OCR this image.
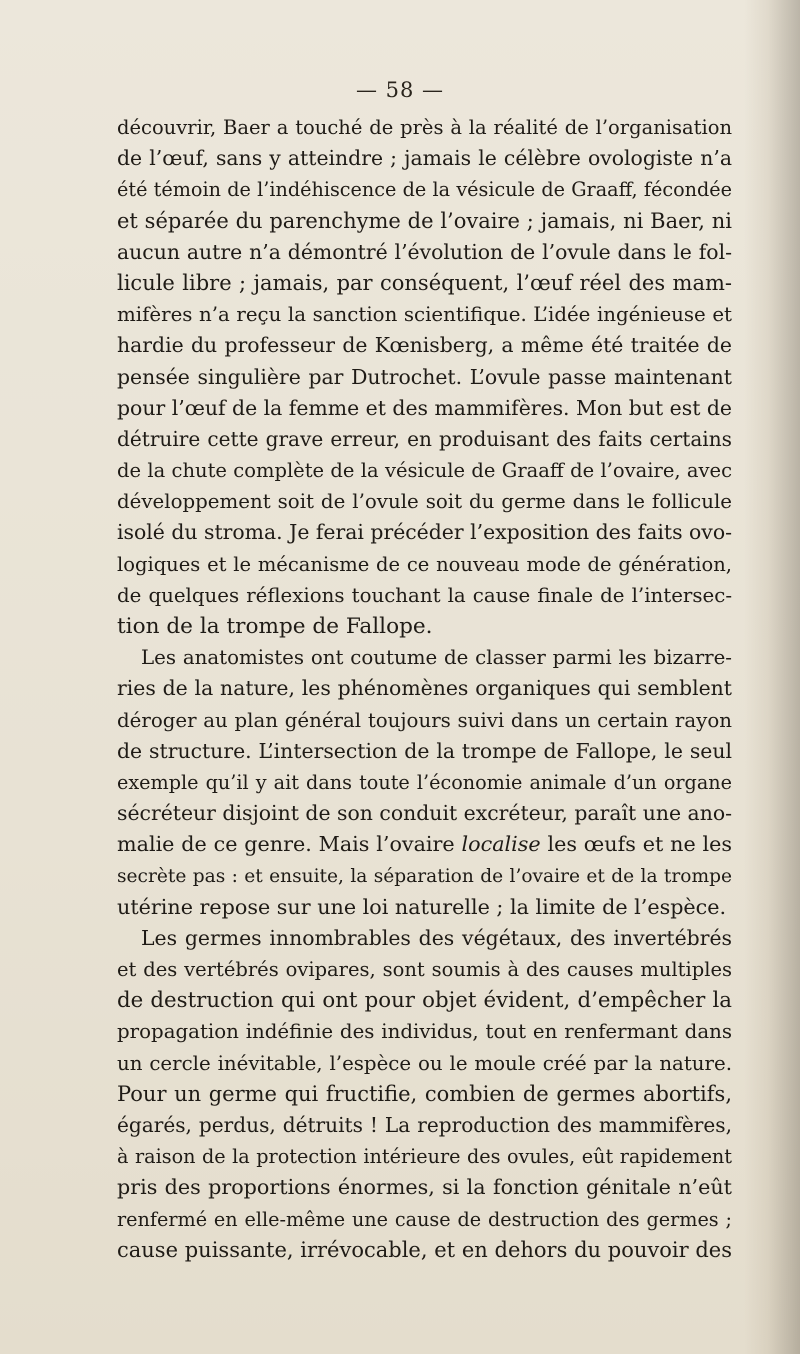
— 58 —
découvrir, Baer a touché de près à la réalité de l’organisation
de l’œuf, sans y atteindre ; jamais le célèbre ovologiste n’a
été témoin de l’indéhiscence de la vésicule de Graaff, fécondée
et séparée du parenchyme de l’ovaire ; jamais, ni Baer, ni
aucun autre n’a démontré l’évolution de l’ovule dans le fol-
licule libre ; jamais, par conséquent, l’œuf réel des mam-
mifères n’a reçu la sanction scientifique. L’idée ingénieuse et
hardie du professeur de Kœnisberg, a même été traitée de
pensée singulière par Dutrochet. L’ovule passe maintenant
pour l’œuf de la femme et des mammifères. Mon but est de
détruire cette grave erreur, en produisant des faits certains
de la chute complète de la vésicule de Graaff de l’ovaire, avec
développement soit de l’ovule soit du germe dans le follicule
isolé du stroma. Je ferai précéder l’exposition des faits ovo-
logiques et le mécanisme de ce nouveau mode de génération,
de quelques réflexions touchant la cause finale de l’intersec-
tion de la trompe de Fallope.
Les anatomistes ont coutume de classer parmi les bizarre-
ries de la nature, les phénomènes organiques qui semblent
déroger au plan général toujours suivi dans un certain rayon
de structure. L’intersection de la trompe de Fallope, le seul
exemple qu’il y ait dans toute l’économie animale d’un organe
sécréteur disjoint de son conduit excréteur, paraît une ano-
malie de ce genre. Mais l’ovaire localise les œufs et ne les
secrète pas : et ensuite, la séparation de l’ovaire et de la trompe
utérine repose sur une loi naturelle ; la limite de l’espèce.
Les germes innombrables des végétaux, des invertébrés
et des vertébrés ovipares, sont soumis à des causes multiples
de destruction qui ont pour objet évident, d’empêcher la
propagation indéfinie des individus, tout en renfermant dans
un cercle inévitable, l’espèce ou le moule créé par la nature.
Pour un germe qui fructifie, combien de germes abortifs,
égarés, perdus, détruits ! La reproduction des mammifères,
à raison de la protection intérieure des ovules, eût rapidement
pris des proportions énormes, si la fonction génitale n’eût
renfermé en elle-même une cause de destruction des germes ;
cause puissante, irrévocable, et en dehors du pouvoir des
